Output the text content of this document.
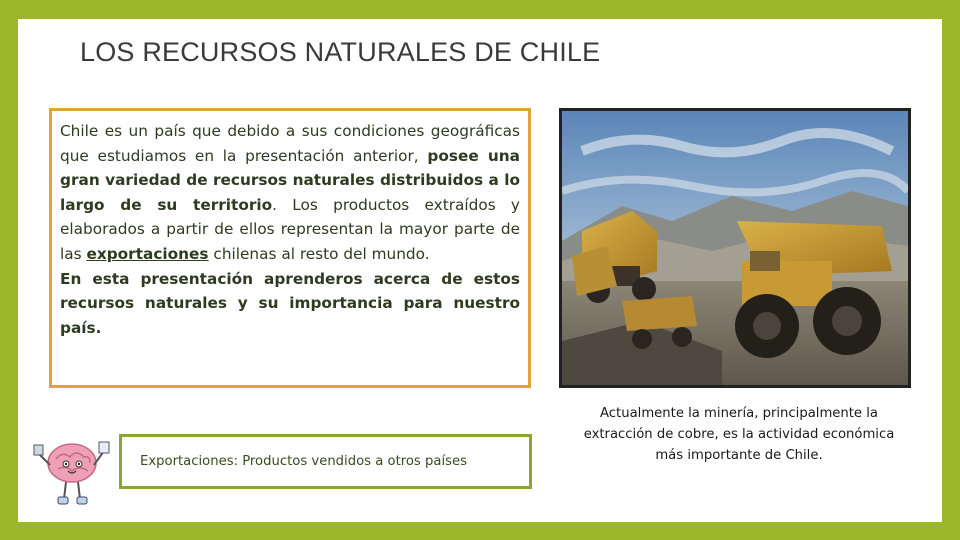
LOS RECURSOS NATURALES DE CHILE

Chile es un país que debido a sus condiciones geográficas que estudiamos en la presentación anterior, posee una gran variedad de recursos naturales distribuidos a lo largo de su territorio. Los productos extraídos y elaborados a partir de ellos representan la mayor parte de las exportaciones chilenas al resto del mundo.

En esta presentación aprenderos acerca de estos recursos naturales y su importancia para nuestro país.

Actualmente la minería, principalmente la extracción de cobre, es la actividad económica más importante de Chile.
Exportaciones: Productos vendidos a otros países
